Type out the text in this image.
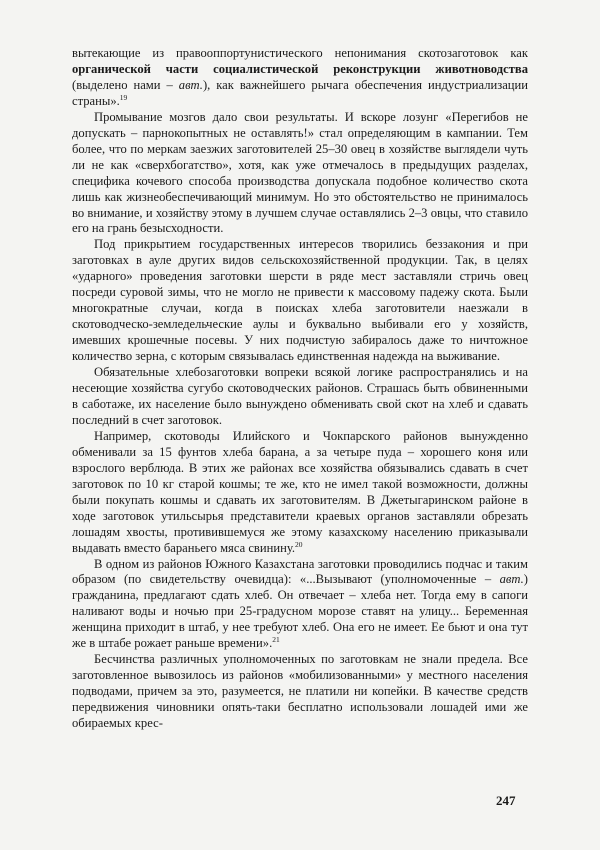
вытекающие из правооппортунистического непонимания скотозаготовок как органической части социалистической реконструкции животноводства (выделено нами – авт.), как важнейшего рычага обеспечения индустриализации страны».$^{19}$

Промывание мозгов дало свои результаты. И вскоре лозунг «Перегибов не допускать – парнокопытных не оставлять!» стал определяющим в кампании. Тем более, что по меркам заезжих заготовителей 25–30 овец в хозяйстве выглядели чуть ли не как «сверхбогатство», хотя, как уже отмечалось в предыдущих разделах, специфика кочевого способа производства допускала подобное количество скота лишь как жизнеобеспечивающий минимум. Но это обстоятельство не принималось во внимание, и хозяйству этому в лучшем случае оставлялись 2–3 овцы, что ставило его на грань безысходности.

Под прикрытием государственных интересов творились беззакония и при заготовках в ауле других видов сельскохозяйственной продукции. Так, в целях «ударного» проведения заготовки шерсти в ряде мест заставляли стричь овец посреди суровой зимы, что не могло не привести к массовому падежу скота. Были многократные случаи, когда в поисках хлеба заготовители наезжали в скотоводческо-земледельческие аулы и буквально выбивали его у хозяйств, имевших крошечные посевы. У них подчистую забиралось даже то ничтожное количество зерна, с которым связывалась единственная надежда на выживание.

Обязательные хлебозаготовки вопреки всякой логике распространялись и на несеющие хозяйства сугубо скотоводческих районов. Страшась быть обвиненными в саботаже, их население было вынуждено обменивать свой скот на хлеб и сдавать последний в счет заготовок.

Например, скотоводы Илийского и Чокпарского районов вынужденно обменивали за 15 фунтов хлеба барана, а за четыре пуда – хорошего коня или взрослого верблюда. В этих же районах все хозяйства обязывались сдавать в счет заготовок по 10 кг старой кошмы; те же, кто не имел такой возможности, должны были покупать кошмы и сдавать их заготовителям. В Джетыгаринском районе в ходе заготовок утильсырья представители краевых органов заставляли обрезать лошадям хвосты, противившемуся же этому казахскому населению приказывали выдавать вместо бараньего мяса свинину.$^{20}$

В одном из районов Южного Казахстана заготовки проводились подчас и таким образом (по свидетельству очевидца): «...Вызывают (уполномоченные – авт.) гражданина, предлагают сдать хлеб. Он отвечает – хлеба нет. Тогда ему в сапоги наливают воды и ночью при 25-градусном морозе ставят на улицу... Беременная женщина приходит в штаб, у нее требуют хлеб. Она его не имеет. Ее бьют и она тут же в штабе рожает раньше времени».$^{21}$

Бесчинства различных уполномоченных по заготовкам не знали предела. Все заготовленное вывозилось из районов «мобилизованными» у местного населения подводами, причем за это, разумеется, не платили ни копейки. В качестве средств передвижения чиновники опять-таки бесплатно использовали лошадей ими же обираемых крес-

247
